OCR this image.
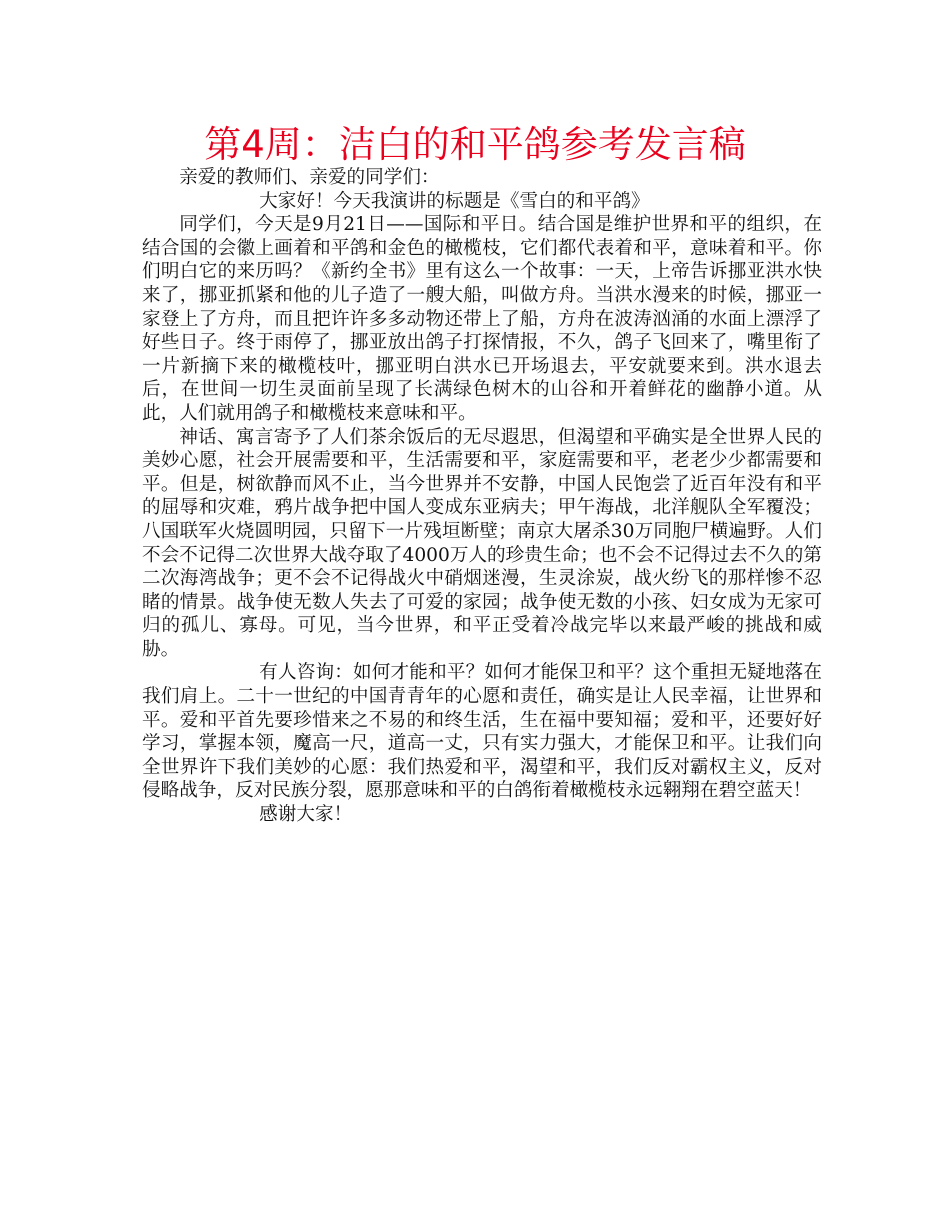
第4周：洁白的和平鸽参考发言稿

亲爱的教师们、亲爱的同学们：

大家好！今天我演讲的标题是《雪白的和平鸽》

同学们，今天是9月21日——国际和平日。结合国是维护世界和平的组织，在结合国的会徽上画着和平鸽和金色的橄榄枝，它们都代表着和平，意味着和平。你们明白它的来历吗？《新约全书》里有这么一个故事：一天，上帝告诉挪亚洪水快来了，挪亚抓紧和他的儿子造了一艘大船，叫做方舟。当洪水漫来的时候，挪亚一家登上了方舟，而且把许许多多动物还带上了船，方舟在波涛汹涌的水面上漂浮了好些日子。终于雨停了，挪亚放出鸽子打探情报，不久，鸽子飞回来了，嘴里衔了一片新摘下来的橄榄枝叶，挪亚明白洪水已开场退去，平安就要来到。洪水退去后，在世间一切生灵面前呈现了长满绿色树木的山谷和开着鲜花的幽静小道。从此，人们就用鸽子和橄榄枝来意味和平。

神话、寓言寄予了人们茶余饭后的无尽遐思，但渴望和平确实是全世界人民的美妙心愿，社会开展需要和平，生活需要和平，家庭需要和平，老老少少都需要和平。但是，树欲静而风不止，当今世界并不安静，中国人民饱尝了近百年没有和平的屈辱和灾难，鸦片战争把中国人变成东亚病夫；甲午海战，北洋舰队全军覆没；八国联军火烧圆明园，只留下一片残垣断壁；南京大屠杀30万同胞尸横遍野。人们不会不记得二次世界大战夺取了4000万人的珍贵生命；也不会不记得过去不久的第二次海湾战争；更不会不记得战火中硝烟迷漫，生灵涂炭，战火纷飞的那样惨不忍睹的情景。战争使无数人失去了可爱的家园；战争使无数的小孩、妇女成为无家可归的孤儿、寡母。可见，当今世界，和平正受着冷战完毕以来最严峻的挑战和威胁。

有人咨询：如何才能和平？如何才能保卫和平？这个重担无疑地落在我们肩上。二十一世纪的中国青青年的心愿和责任，确实是让人民幸福，让世界和平。爱和平首先要珍惜来之不易的和终生活，生在福中要知福；爱和平，还要好好学习，掌握本领，魔高一尺，道高一丈，只有实力强大，才能保卫和平。让我们向全世界许下我们美妙的心愿：我们热爱和平，渴望和平，我们反对霸权主义，反对侵略战争，反对民族分裂，愿那意味和平的白鸽衔着橄榄枝永远翱翔在碧空蓝天！

感谢大家！
